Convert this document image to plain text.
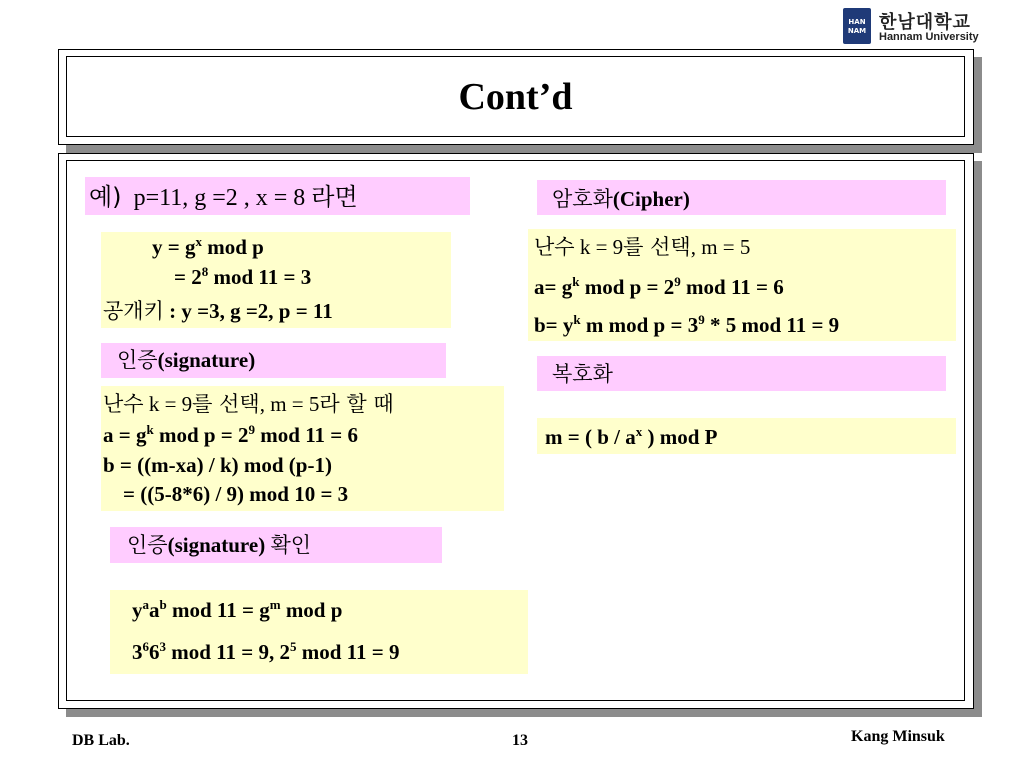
HAN NAM 한남대학교
Hannam University
Cont’d
예) p=11, g =2 , x = 8 라면
$y = g^x$ mod p
= $2^8$ mod 11 = 3
공개키 : y =3, g =2, p = 11
인증(signature)
난수 k = 9를 선택, m = 5라 할 때
$a = g^k$ mod $p = 2^9$ mod 11 = 6
b = ((m-xa) / k) mod (p-1)
= ((5-8*6) / 9) mod 10 = 3
인증(signature) 확인
$y^aa^b$ mod $11 = g^m$ mod p
$3^66^3$ mod 11 = 9, $2^5$ mod 11 = 9
암호화(Cipher)
난수 k = 9를 선택, m = 5
$a= g^k$ mod $p = 2^9$ mod 11 = 6
$b= y^k$ m mod $p = 3^9 * 5$ mod 11 = 9
복호화
m = ( b / $a^x$ ) mod P
DB Lab.	13	Kang Minsuk
